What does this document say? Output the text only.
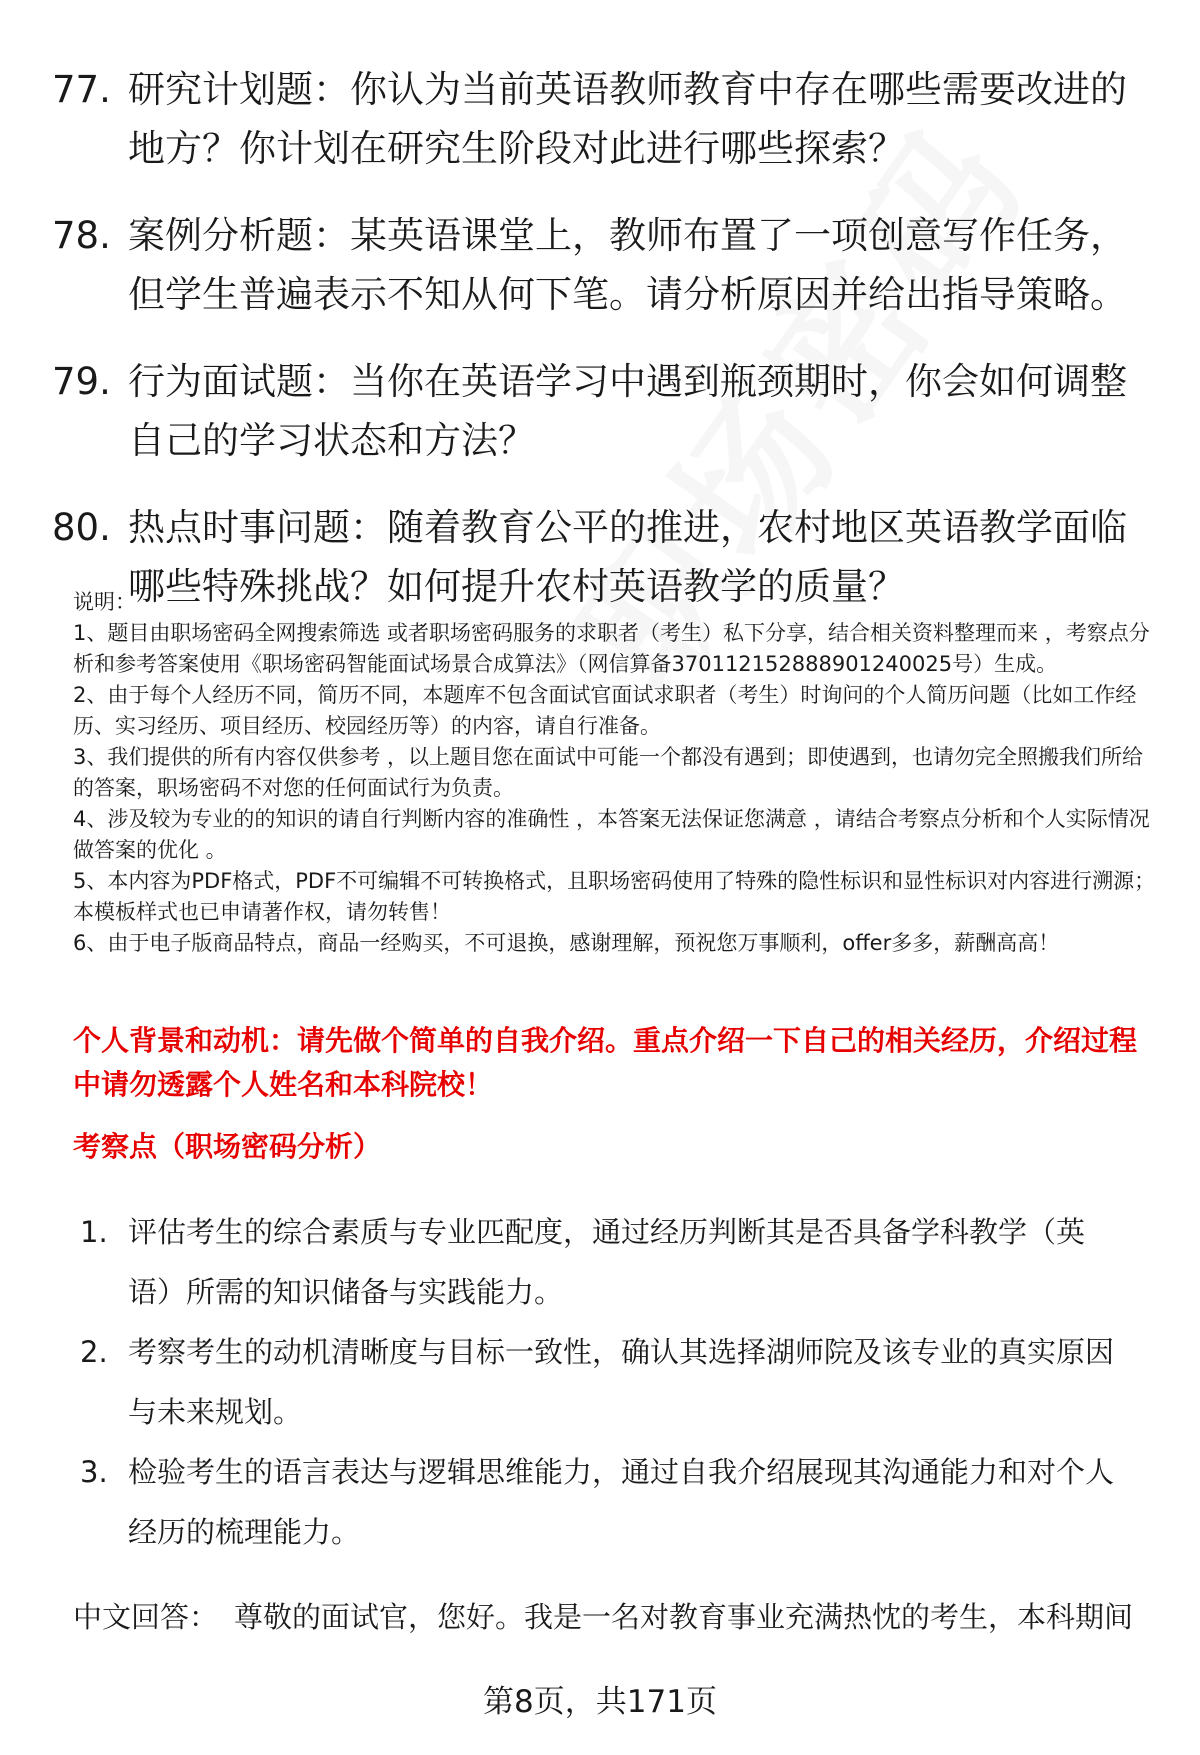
77. 研究计划题：你认为当前英语教师教育中存在哪些需要改进的地方？你计划在研究生阶段对此进行哪些探索？
78. 案例分析题：某英语课堂上，教师布置了一项创意写作任务，但学生普遍表示不知从何下笔。请分析原因并给出指导策略。
79. 行为面试题：当你在英语学习中遇到瓶颈期时，你会如何调整自己的学习状态和方法？
80. 热点时事问题：随着教育公平的推进，农村地区英语教学面临哪些特殊挑战？如何提升农村英语教学的质量？

说明：

1、题目由职场密码全网搜索筛选 或者职场密码服务的求职者（考生）私下分享，结合相关资料整理而来 ，考察点分析和参考答案使用《职场密码智能面试场景合成算法》（网信算备370112152888901240025号）生成。

2、由于每个人经历不同，简历不同，本题库不包含面试官面试求职者（考生）时询问的个人简历问题（比如工作经历、实习经历、项目经历、校园经历等）的内容，请自行准备。

3、我们提供的所有内容仅供参考 ，以上题目您在面试中可能一个都没有遇到；即使遇到，也请勿完全照搬我们所给的答案，职场密码不对您的任何面试行为负责。

4、涉及较为专业的的知识的请自行判断内容的准确性 ，本答案无法保证您满意 ，请结合考察点分析和个人实际情况做答案的优化 。

5、本内容为PDF格式，PDF不可编辑不可转换格式，且职场密码使用了特殊的隐性标识和显性标识对内容进行溯源；本模板样式也已申请著作权，请勿转售！

6、由于电子版商品特点，商品一经购买，不可退换，感谢理解，预祝您万事顺利，offer多多，薪酬高高！

个人背景和动机：请先做个简单的自我介绍。重点介绍一下自己的相关经历，介绍过程中请勿透露个人姓名和本科院校！

考察点（职场密码分析）

1. 评估考生的综合素质与专业匹配度，通过经历判断其是否具备学科教学（英语）所需的知识储备与实践能力。
2. 考察考生的动机清晰度与目标一致性，确认其选择湖师院及该专业的真实原因与未来规划。
3. 检验考生的语言表达与逻辑思维能力，通过自我介绍展现其沟通能力和对个人经历的梳理能力。
中文回答： 尊敬的面试官，您好。我是一名对教育事业充满热忱的考生，本科期间
第8页，共171页
